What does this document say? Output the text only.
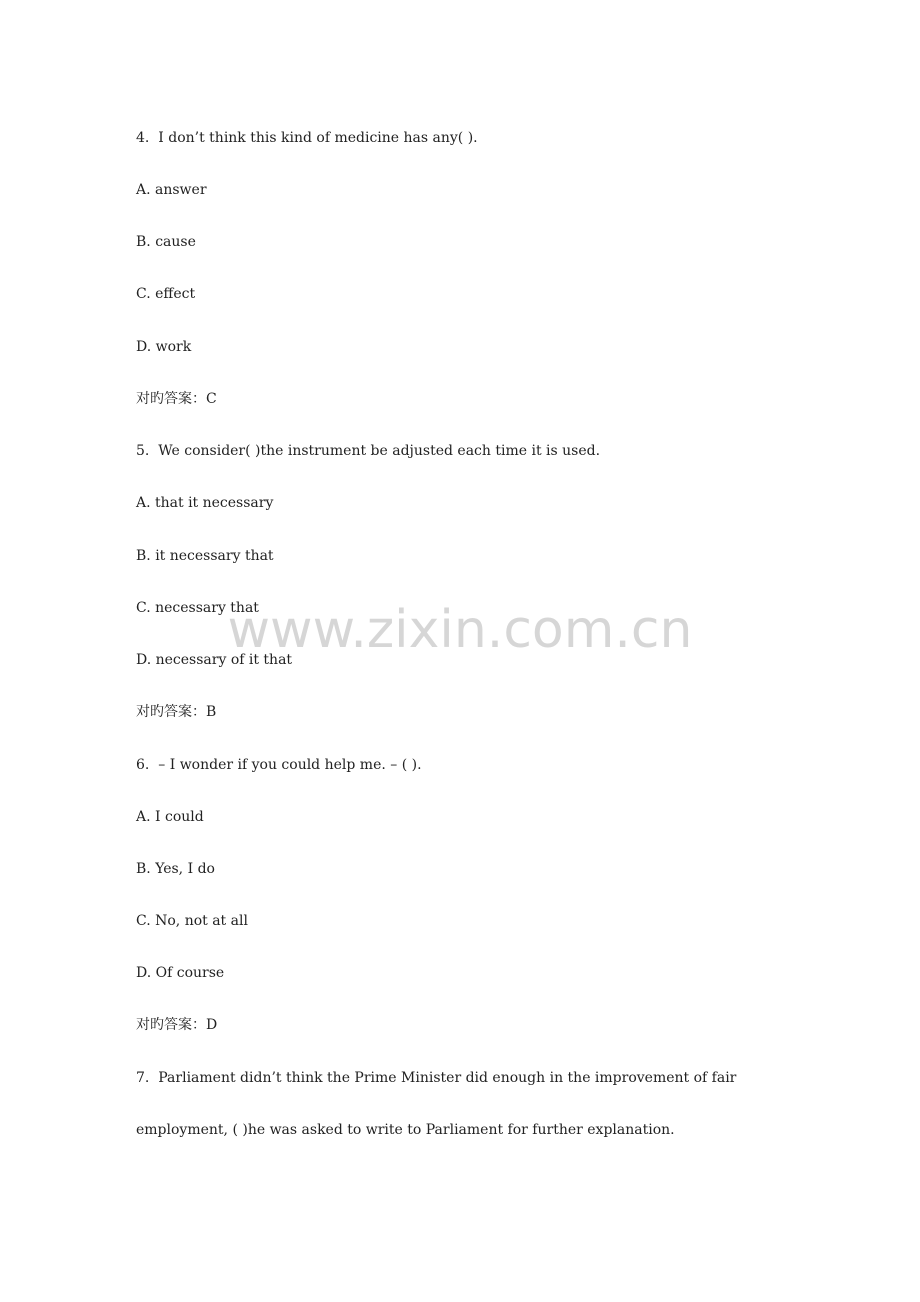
www.zixin.com.cn
4.  I don’t think this kind of medicine has any( ).
A. answer
B. cause
C. effect
D. work
对旳答案：C
5.  We consider( )the instrument be adjusted each time it is used.
A. that it necessary
B. it necessary that
C. necessary that
D. necessary of it that
对旳答案：B
6.  – I wonder if you could help me. – ( ).
A. I could
B. Yes, I do
C. No, not at all
D. Of course
对旳答案：D
7.  Parliament didn’t think the Prime Minister did enough in the improvement of fair
employment, ( )he was asked to write to Parliament for further explanation.
